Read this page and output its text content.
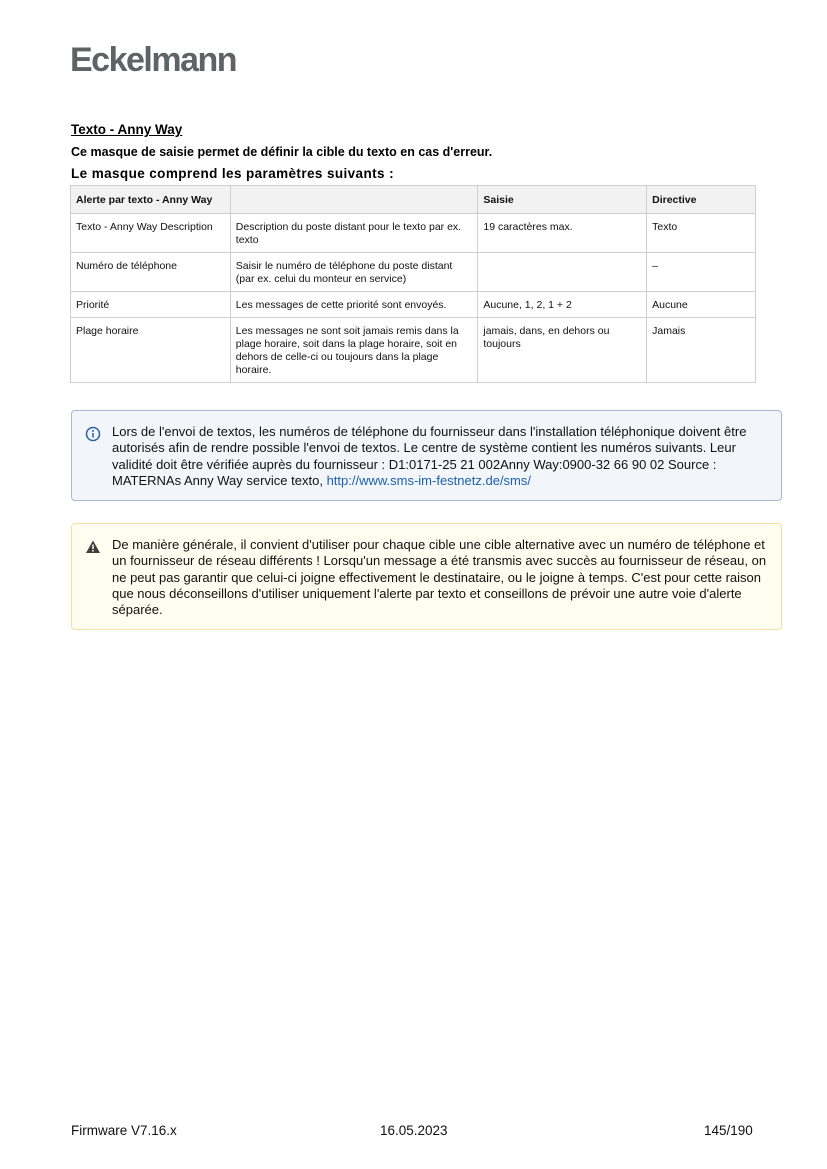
Eckelmann
Texto - Anny Way
Ce masque de saisie permet de définir la cible du texto en cas d'erreur.
Le masque comprend les paramètres suivants :
Alerte par texto - Anny Way		Saisie	Directive
Texto - Anny Way Description	Description du poste distant pour le texto par ex. texto	19 caractères max.	Texto
Numéro de téléphone	Saisir le numéro de téléphone du poste distant (par ex. celui du monteur en service)		–
Priorité	Les messages de cette priorité sont envoyés.	Aucune, 1, 2, 1 + 2	Aucune
Plage horaire	Les messages ne sont soit jamais remis dans la plage horaire, soit dans la plage horaire, soit en dehors de celle-ci ou toujours dans la plage horaire.	jamais, dans, en dehors ou toujours	Jamais
Lors de l'envoi de textos, les numéros de téléphone du fournisseur dans l'installation téléphonique doivent être autorisés afin de rendre possible l'envoi de textos. Le centre de système contient les numéros suivants. Leur validité doit être vérifiée auprès du fournisseur : D1:0171-25 21 002Anny Way:0900-32 66 90 02 Source : MATERNAs Anny Way service texto, http://www.sms-im-festnetz.de/sms/
De manière générale, il convient d'utiliser pour chaque cible une cible alternative avec un numéro de téléphone et un fournisseur de réseau différents ! Lorsqu'un message a été transmis avec succès au fournisseur de réseau, on ne peut pas garantir que celui-ci joigne effectivement le destinataire, ou le joigne à temps. C'est pour cette raison que nous déconseillons d'utiliser uniquement l'alerte par texto et conseillons de prévoir une autre voie d'alerte séparée.
Firmware V7.16.x	16.05.2023	145/190
